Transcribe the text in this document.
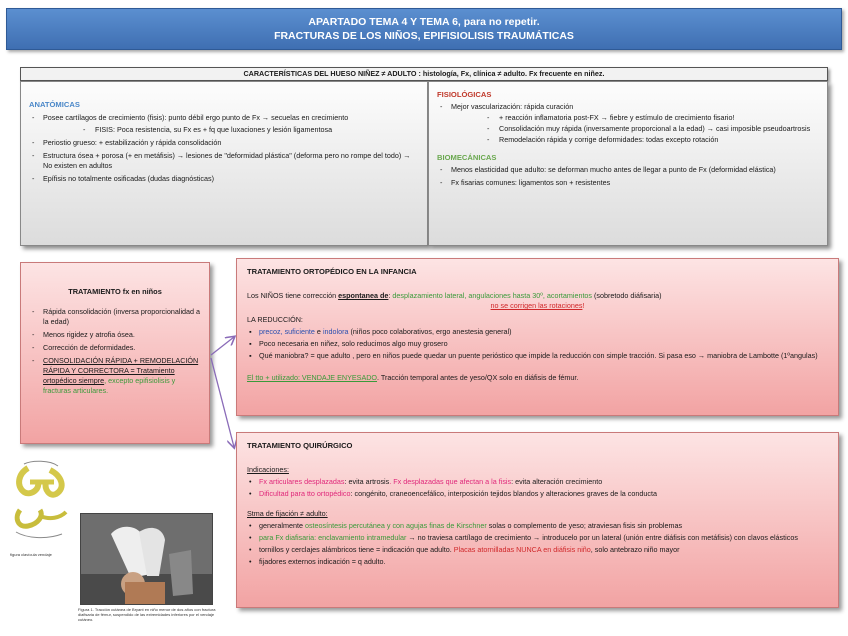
APARTADO TEMA 4 Y TEMA 6, para no repetir.
FRACTURAS DE LOS NIÑOS, EPIFISIOLISIS TRAUMÁTICAS
CARACTERÍSTICAS DEL HUESO NIÑEZ ≠ ADULTO : histología, Fx, clínica ≠ adulto. Fx frecuente en niñez.
ANATÓMICAS
- Posee cartílagos de crecimiento (fisis): punto débil ergo punto de Fx → secuelas en crecimiento
- FISIS: Poca resistencia, su Fx es + fq que luxaciones y lesión ligamentosa
- Periostio grueso: + estabilización y rápida consolidación
- Estructura ósea + porosa (+ en metáfisis) → lesiones de "deformidad plástica" (deforma pero no rompe del todo) → No existen en adultos
- Epífisis no totalmente osificadas (dudas diagnósticas)
FISIOLÓGICAS
- Mejor vascularización: rápida curación
- + reacción inflamatoria post-FX → fiebre y estímulo de crecimiento fisario!
- Consolidación muy rápida (inversamente proporcional a la edad) → casi imposible pseudoartrosis
- Remodelación rápida y corrige deformidades: todas excepto rotación
BIOMECÁNICAS
- Menos elasticidad que adulto: se deforman mucho antes de llegar a punto de Fx (deformidad elástica)
- Fx fisarias comunes: ligamentos son + resistentes
TRATAMIENTO fx en niños
- Rápida consolidación (inversa proporcionalidad a la edad)
- Menos rigidez y atrofia ósea.
- Corrección de deformidades.
- CONSOLIDACIÓN RÁPIDA + REMODELACIÓN RÁPIDA Y CORRECTORA = Tratamiento ortopédico siempre, excepto epifisiolisis y fracturas articulares.
TRATAMIENTO ORTOPÉDICO EN LA INFANCIA
Los NIÑOS tiene corrección espontanea de: desplazamiento lateral, angulaciones hasta 30º, acortamientos (sobretodo diáfisaria)
no se corrigen las rotaciones!
LA REDUCCIÓN:
▪ precoz, suficiente e indolora (niños poco colaborativos, ergo anestesia general)
▪ Poco necesaria en niñez, solo reducimos algo muy grosero
▪ Qué maniobra? = que adulto , pero en niños puede quedar un puente perióstico que impide la reducción con simple tracción. Si pasa eso → maniobra de Lambotte (1ºangulas)
El tto + utilizado: VENDAJE ENYESADO. Tracción temporal antes de yeso/QX solo en diáfisis de fémur.
TRATAMIENTO QUIRÚRGICO
Indicaciones:
• Fx articulares desplazadas: evita artrosis. Fx desplazadas que afectan a la fisis: evita alteración crecimiento
• Dificultad para tto ortopédico: congénito, craneoencefálico, interposición tejidos blandos y alteraciones graves de la conducta
Stma de fijación ≠ adulto:
• generalmente osteosíntesis percutánea y con agujas finas de Kirschner solas o complemento de yeso; atraviesan fisis sin problemas
• para Fx diafisaria: enclavamiento intramedular → no traviesa cartílago de crecimiento → introducelo por un lateral (unión entre diáfisis con metáfisis) con clavos elásticos
• tornillos y cerclajes alámbricos tiene = indicación que adulto. Placas atornilladas NUNCA en diáfisis niño, solo antebrazo niño mayor
• fijadores externos indicación = q adulto.
figura clavícula vendaje
Figura 1. Tracción cutánea de Bryant en niño menor de dos años con fractura diafisaria de fémur, suspendido de las extremidades inferiores por el vendaje cutáneo.
